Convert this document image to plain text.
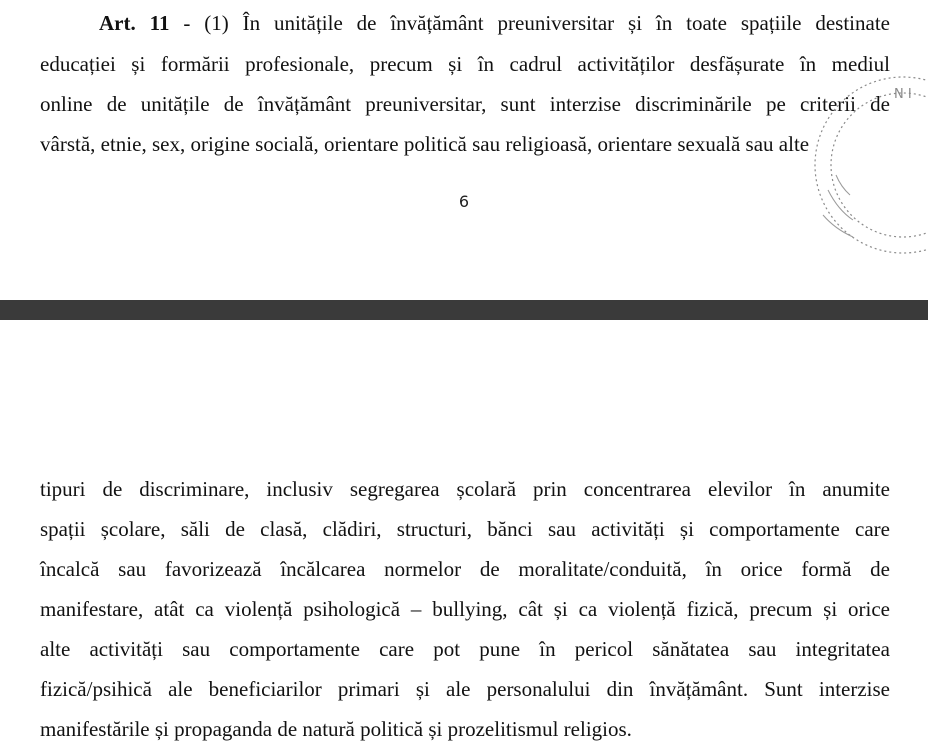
Art. 11 - (1) În unitățile de învățământ preuniversitar și în toate spațiile destinate
educației și formării profesionale, precum și în cadrul activităților desfășurate în mediul
online de unitățile de învățământ preuniversitar, sunt interzise discriminările pe criterii de
vârstă, etnie, sex, origine socială, orientare politică sau religioasă, orientare sexuală sau alte
6
N I
tipuri de discriminare, inclusiv segregarea școlară prin concentrarea elevilor în anumite
spații școlare, săli de clasă, clădiri, structuri, bănci sau activități și comportamente care
încalcă sau favorizează încălcarea normelor de moralitate/conduită, în orice formă de
manifestare, atât ca violență psihologică – bullying, cât și ca violență fizică, precum și orice
alte activități sau comportamente care pot pune în pericol sănătatea sau integritatea
fizică/psihică ale beneficiarilor primari și ale personalului din învățământ. Sunt interzise
manifestările și propaganda de natură politică și prozelitismul religios.
